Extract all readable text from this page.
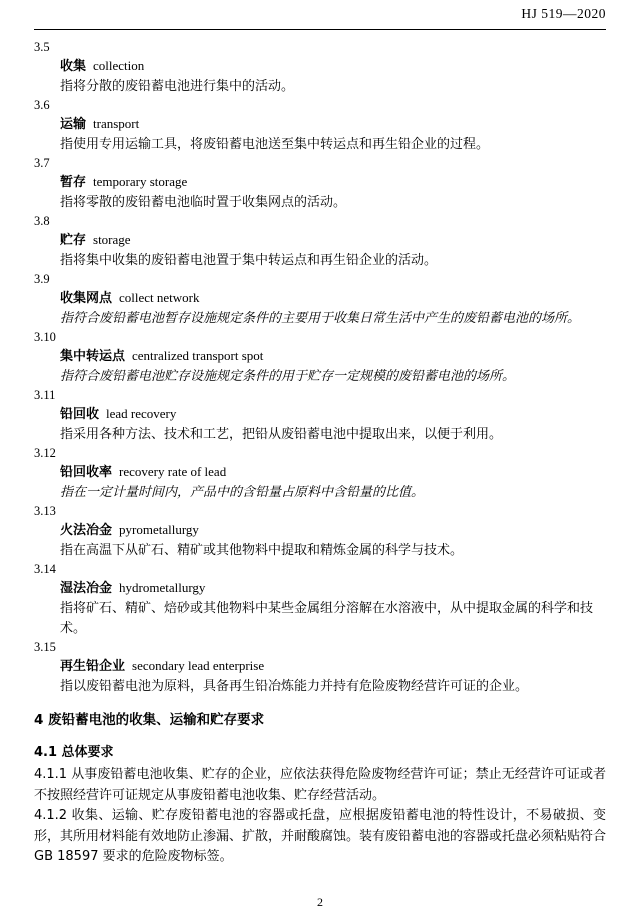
HJ 519—2020

3.5

收集 collection

指将分散的废铅蓄电池进行集中的活动。

3.6

运输 transport

指使用专用运输工具，将废铅蓄电池送至集中转运点和再生铅企业的过程。

3.7

暂存 temporary storage

指将零散的废铅蓄电池临时置于收集网点的活动。

3.8

贮存 storage

指将集中收集的废铅蓄电池置于集中转运点和再生铅企业的活动。

3.9

收集网点 collect network

指符合废铅蓄电池暂存设施规定条件的主要用于收集日常生活中产生的废铅蓄电池的场所。

3.10

集中转运点 centralized transport spot

指符合废铅蓄电池贮存设施规定条件的用于贮存一定规模的废铅蓄电池的场所。

3.11

铅回收 lead recovery

指采用各种方法、技术和工艺，把铅从废铅蓄电池中提取出来，以便于利用。

3.12

铅回收率 recovery rate of lead

指在一定计量时间内，产品中的含铅量占原料中含铅量的比值。

3.13

火法冶金 pyrometallurgy

指在高温下从矿石、精矿或其他物料中提取和精炼金属的科学与技术。

3.14

湿法冶金 hydrometallurgy

指将矿石、精矿、焙砂或其他物料中某些金属组分溶解在水溶液中，从中提取金属的科学和技术。

3.15

再生铅企业 secondary lead enterprise

指以废铅蓄电池为原料，具备再生铅冶炼能力并持有危险废物经营许可证的企业。

4 废铅蓄电池的收集、运输和贮存要求
4.1 总体要求

4.1.1 从事废铅蓄电池收集、贮存的企业，应依法获得危险废物经营许可证；禁止无经营许可证或者不按照经营许可证规定从事废铅蓄电池收集、贮存经营活动。

4.1.2 收集、运输、贮存废铅蓄电池的容器或托盘，应根据废铅蓄电池的特性设计，不易破损、变形，其所用材料能有效地防止渗漏、扩散，并耐酸腐蚀。装有废铅蓄电池的容器或托盘必须粘贴符合 GB 18597 要求的危险废物标签。

2
